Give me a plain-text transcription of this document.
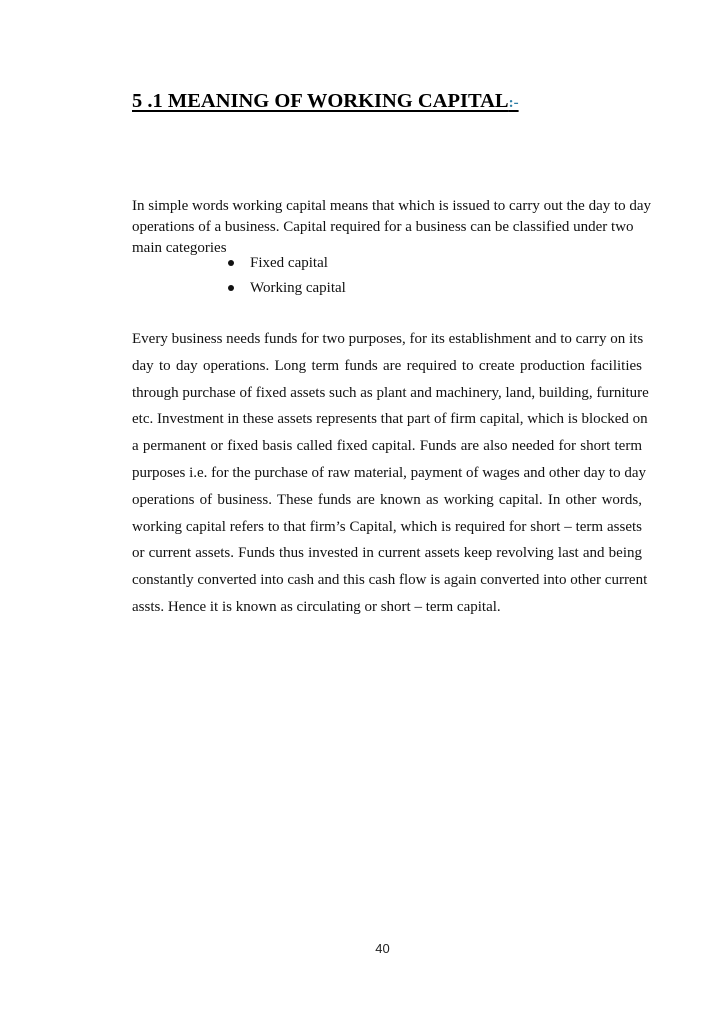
5 .1 MEANING OF WORKING CAPITAL:-

In simple words working capital means that which is issued to carry out the day to day
operations of a business. Capital required for a business can be classified under two
main categories

Fixed capital
Working capital

Every business needs funds for two purposes, for its establishment and to carry on its
day to day operations. Long term funds are required to create production facilities
through purchase of fixed assets such as plant and machinery, land, building, furniture
etc. Investment in these assets represents that part of firm capital, which is blocked on
a permanent or fixed basis called fixed capital. Funds are also needed for short term
purposes i.e. for the purchase of raw material, payment of wages and other day to day
operations of business. These funds are known as working capital. In other words,
working capital refers to that firm’s Capital, which is required for short – term assets
or current assets. Funds thus invested in current assets keep revolving last and being
constantly converted into cash and this cash flow is again converted into other current
assts. Hence it is known as circulating or short – term capital.

40
